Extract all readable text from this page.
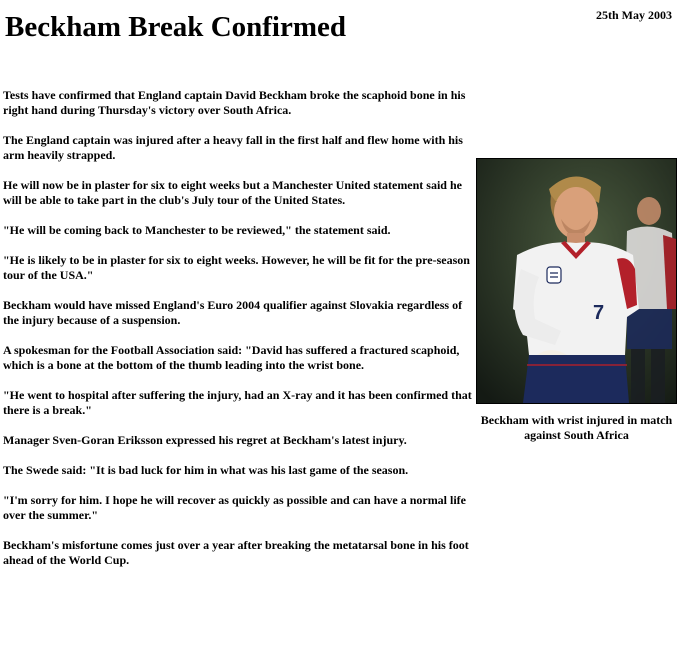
Beckham Break Confirmed	25th May 2003

Tests have confirmed that England captain David Beckham broke the scaphoid bone in his right hand during Thursday's victory over South Africa.

The England captain was injured after a heavy fall in the first half and flew home with his arm heavily strapped.

He will now be in plaster for six to eight weeks but a Manchester United statement said he will be able to take part in the club's July tour of the United States.

"He will be coming back to Manchester to be reviewed," the statement said.

"He is likely to be in plaster for six to eight weeks. However, he will be fit for the pre-season tour of the USA."

Beckham would have missed England's Euro 2004 qualifier against Slovakia regardless of the injury because of a suspension.

A spokesman for the Football Association said: "David has suffered a fractured scaphoid, which is a bone at the bottom of the thumb leading into the wrist bone.

"He went to hospital after suffering the injury, had an X-ray and it has been confirmed that there is a break."

Manager Sven-Goran Eriksson expressed his regret at Beckham's latest injury.

The Swede said: "It is bad luck for him in what was his last game of the season.

"I'm sorry for him. I hope he will recover as quickly as possible and can have a normal life over the summer."

Beckham's misfortune comes just over a year after breaking the metatarsal bone in his foot ahead of the World Cup.

7
Beckham with wrist injured in match against South Africa
